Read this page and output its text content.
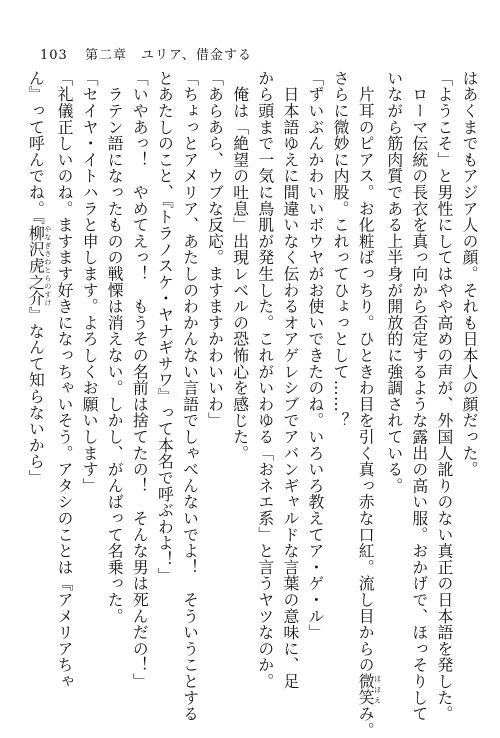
103 第二章　ユリア、借金する
はあくまでもアジア人の顔。それも日本人の顔だった。
「ようこそ」と男性にしてはやや高めの声が、外国人訛りのない真正の日本語を発した。
　ローマ伝統の長衣を真っ向から否定するような露出の高い服。おかげで、ほっそりして
いながら筋肉質である上半身が開放的に強調されている。
　片耳のピアス。お化粧ばっちり。ひときわ目を引く真っ赤な口紅。流し目からの微笑ほほえみ。
さらに微妙に内股。これってひょっとして……？
「ずいぶんかわいいボウヤがお使いできたのね。いろいろ教えてア・ゲ・ル」
　日本語ゆえに間違いなく伝わるオアゲレシブでアバンギャルドな言葉の意味に、足
から頭まで一気に鳥肌が発生した。これがいわゆる「おネエ系」と言うヤツなのか。
　俺は「絶望の吐息」出現レベルの恐怖心を感じた。
「あらあら、ウブな反応。ますますかわいいわ」
「ちょっとアメリア、あたしのわかんない言語でしゃべんないでよ！　そういうことする
とあたしのこと、『トラノスケ・ヤナギサワ』って本名で呼ぶわよ！」
「いやあっ！　やめてえっ！　もうその名前は捨てたの！　そんな男は死んだの！」
　ラテン語になったものの戦慄は消えない。しかし、がんばって名乗った。
「セイヤ・イトハラと申します。よろしくお願いします」
「礼儀正しいのね。ますます好きになっちゃいそう。アタシのことは『アメリアちゃ
ん』って呼んでね。『柳沢虎之介やなぎさわとらのすけ』なんて知らないから」
